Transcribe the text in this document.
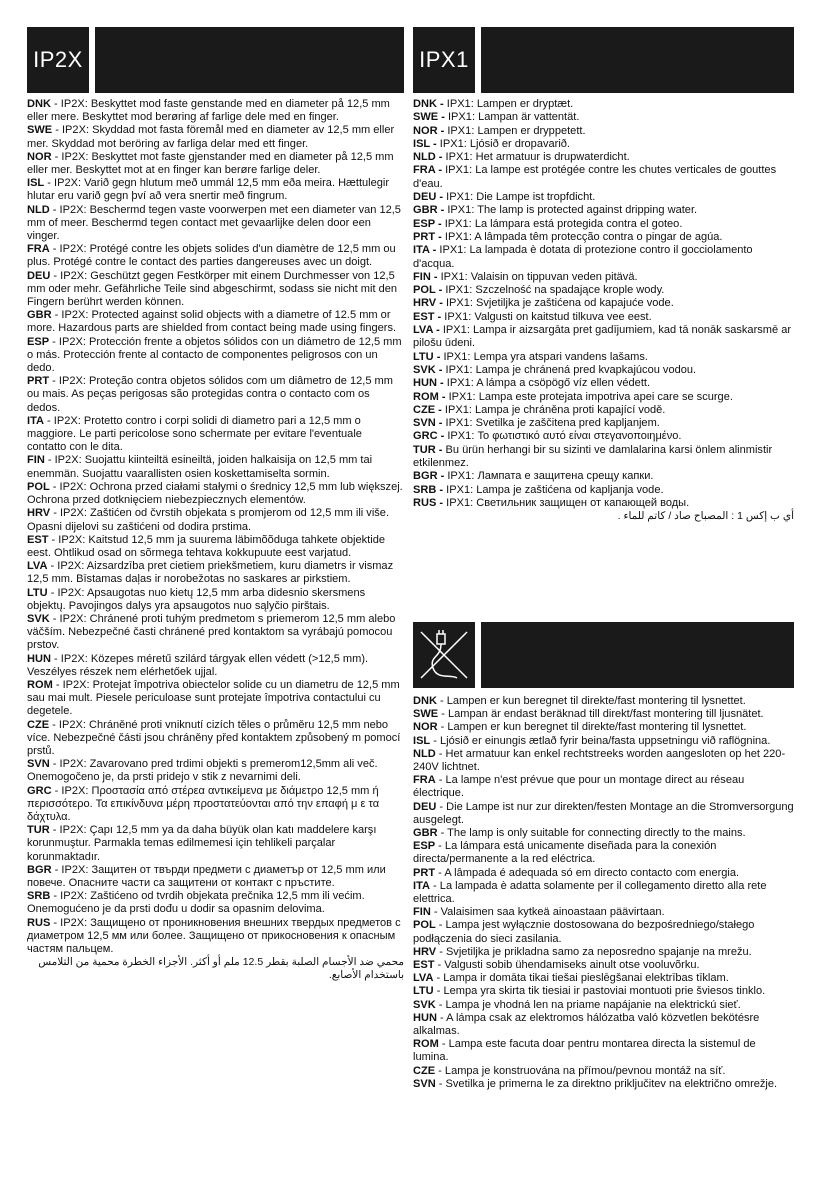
IP2X

DNK - IP2X: Beskyttet mod faste genstande med en diameter på 12,5 mm eller mere. Beskyttet mod berøring af farlige dele med en finger.

SWE - IP2X: Skyddad mot fasta föremål med en diameter av 12,5 mm eller mer. Skyddad mot beröring av farliga delar med ett finger.

NOR - IP2X: Beskyttet mot faste gjenstander med en diameter på 12,5 mm eller mer. Beskyttet mot at en finger kan berøre farlige deler.

ISL - IP2X: Varið gegn hlutum með ummál 12,5 mm eða meira. Hættulegir hlutar eru varið gegn því að vera snertir með fingrum.

NLD - IP2X: Beschermd tegen vaste voorwerpen met een diameter van 12,5 mm of meer. Beschermd tegen contact met gevaarlijke delen door een vinger.

FRA - IP2X: Protégé contre les objets solides d'un diamètre de 12,5 mm ou plus. Protégé contre le contact des parties dangereuses avec un doigt.

DEU - IP2X: Geschützt gegen Festkörper mit einem Durchmesser von 12,5 mm oder mehr. Gefährliche Teile sind abgeschirmt, sodass sie nicht mit den Fingern berührt werden können.

GBR - IP2X: Protected against solid objects with a diametre of 12.5 mm or more. Hazardous parts are shielded from contact being made using fingers.

ESP - IP2X: Protección frente a objetos sólidos con un diámetro de 12,5 mm o más. Protección frente al contacto de componentes peligrosos con un dedo.

PRT - IP2X: Proteção contra objetos sólidos com um diâmetro de 12,5 mm ou mais. As peças perigosas são protegidas contra o contacto com os dedos.

ITA - IP2X: Protetto contro i corpi solidi di diametro pari a 12,5 mm o maggiore. Le parti pericolose sono schermate per evitare l'eventuale contatto con le dita.

FIN - IP2X: Suojattu kiinteiltä esineiltä, joiden halkaisija on 12,5 mm tai enemmän. Suojattu vaarallisten osien koskettamiselta sormin.

POL - IP2X: Ochrona przed ciałami stałymi o średnicy 12,5 mm lub większej. Ochrona przed dotknięciem niebezpiecznych elementów.

HRV - IP2X: Zaštićen od čvrstih objekata s promjerom od 12,5 mm ili više. Opasni dijelovi su zaštićeni od dodira prstima.

EST - IP2X: Kaitstud 12,5 mm ja suurema läbimõõduga tahkete objektide eest. Ohtlikud osad on sõrmega tehtava kokkupuute eest varjatud.

LVA - IP2X: Aizsardzība pret cietiem priekšmetiem, kuru diametrs ir vismaz 12,5 mm. Bīstamas daļas ir norobežotas no saskares ar pirkstiem.

LTU - IP2X: Apsaugotas nuo kietų 12,5 mm arba didesnio skersmens objektų. Pavojingos dalys yra apsaugotos nuo sąlyčio pirštais.

SVK - IP2X: Chránené proti tuhým predmetom s priemerom 12,5 mm alebo väčším. Nebezpečné časti chránené pred kontaktom sa vyrábajú pomocou prstov.

HUN - IP2X: Közepes méretű szilárd tárgyak ellen védett (>12,5 mm). Veszélyes részek nem elérhetőek ujjal.

ROM - IP2X: Protejat împotriva obiectelor solide cu un diametru de 12,5 mm sau mai mult. Piesele periculoase sunt protejate împotriva contactului cu degetele.

CZE - IP2X: Chráněné proti vniknutí cizích těles o průměru 12,5 mm nebo více. Nebezpečné části jsou chráněny před kontaktem způsobený m pomocí prstů.

SVN - IP2X: Zavarovano pred trdimi objekti s premerom12,5mm ali več. Onemogočeno je, da prsti pridejo v stik z nevarnimi deli.

GRC - IP2X: Προστασία από στέρεα αντικείμενα με διάμετρο 12,5 mm ή περισσότερο. Τα επικίνδυνα μέρη προστατεύονται από την επαφή μ ε τα δάχτυλα.

TUR - IP2X: Çapı 12,5 mm ya da daha büyük olan katı maddelere karşı korunmuştur. Parmakla temas edilmemesi için tehlikeli parçalar korunmaktadır.

BGR - IP2X: Защитен от твърди предмети с диаметър от 12,5 mm или повече. Опаснитe части са защитени от контакт с пръстите.

SRB - IP2X: Zaštićeno od tvrdih objekata prečnika 12,5 mm ili većim. Onemogućeno je da prsti dođu u dodir sa opasnim delovima.

RUS - IP2X: Защищено от проникновения внешних твердых предметов с диаметром 12,5 мм или более. Защищено от прикосновения к опасным частям пальцем.

محمي ضد الأجسام الصلبة بقطر 12.5 ملم أو أكثر. الأجزاء الخطرة محمية من التلامس باستخدام الأصابع.

IPX1

DNK - IPX1: Lampen er dryptæt.

SWE - IPX1: Lampan är vattentät.

NOR - IPX1: Lampen er dryppetett.

ISL - IPX1: Ljósið er dropavarið.

NLD - IPX1: Het armatuur is drupwaterdicht.

FRA - IPX1: La lampe est protégée contre les chutes verticales de gouttes d'eau.

DEU - IPX1: Die Lampe ist tropfdicht.

GBR - IPX1: The lamp is protected against dripping water.

ESP - IPX1: La lámpara está protegida contra el goteo.

PRT - IPX1: A lâmpada têm protecção contra o pingar de agúa.

ITA - IPX1: La lampada è dotata di protezione contro il gocciolamento d'acqua.

FIN - IPX1: Valaisin on tippuvan veden pitävä.

POL - IPX1: Szczelność na spadające krople wody.

HRV - IPX1: Svjetiljka je zaštićena od kapajuće vode.

EST - IPX1: Valgusti on kaitstud tilkuva vee eest.

LVA - IPX1: Lampa ir aizsargāta pret gadījumiem, kad tā nonāk saskarsmē ar pilošu ūdeni.

LTU - IPX1: Lempa yra atspari vandens lašams.

SVK - IPX1: Lampa je chránená pred kvapkajúcou vodou.

HUN - IPX1: A lámpa a csöpögő víz ellen védett.

ROM - IPX1: Lampa este protejata impotriva apei care se scurge.

CZE - IPX1: Lampa je chráněna proti kapající vodě.

SVN - IPX1: Svetilka je zaščitena pred kapljanjem.

GRC - IPX1: Το φωτιστικό αυτό είναι στεγανοποιημένο.

TUR - Bu ürün herhangi bir su sizinti ve damlalarina karsi önlem alinmistir etkilenmez.

BGR - IPX1: Лампата е защитена срещу капки.

SRB - IPX1: Lampa je zaštićena od kapljanja vode.

RUS - IPX1: Светильник защищен от капающей воды.

أي ب إكس 1 : المصباح صاد / كاتم للماء .

DNK - Lampen er kun beregnet til direkte/fast montering til lysnettet.

SWE - Lampan är endast beräknad till direkt/fast montering till ljusnätet.

NOR - Lampen er kun beregnet til direkte/fast montering til lysnettet.

ISL - Ljósið er einungis ætlað fyrir beina/fasta uppsetningu við raflögnina.

NLD - Het armatuur kan enkel rechtstreeks worden aangesloten op het 220-240V lichtnet.

FRA - La lampe n'est prévue que pour un montage direct au réseau électrique.

DEU - Die Lampe ist nur zur direkten/festen Montage an die Stromversorgung ausgelegt.

GBR - The lamp is only suitable for connecting directly to the mains.

ESP - La lámpara está unicamente diseñada para la conexión directa/permanente a la red eléctrica.

PRT - A lâmpada é adequada só em directo contacto com energia.

ITA - La lampada è adatta solamente per il collegamento diretto alla rete elettrica.

FIN - Valaisimen saa kytkeä ainoastaan päävirtaan.

POL - Lampa jest wyłącznie dostosowana do bezpośredniego/stałego podłączenia do sieci zasilania.

HRV - Svjetiljka je prikladna samo za neposredno spajanje na mrežu.

EST - Valgusti sobib ühendamiseks ainult otse vooluvõrku.

LVA - Lampa ir domāta tikai tiešai pieslēgšanai elektrības tīklam.

LTU - Lempa yra skirta tik tiesiai ir pastoviai montuoti prie šviesos tinklo.

SVK - Lampa je vhodná len na priame napájanie na elektrickú sieť.

HUN - A lámpa csak az elektromos hálózatba való közvetlen bekötésre alkalmas.

ROM - Lampa este facuta doar pentru montarea directa la sistemul de lumina.

CZE - Lampa je konstruována na přímou/pevnou montáž na síť.

SVN - Svetilka je primerna le za direktno priključitev na električno omrežje.
